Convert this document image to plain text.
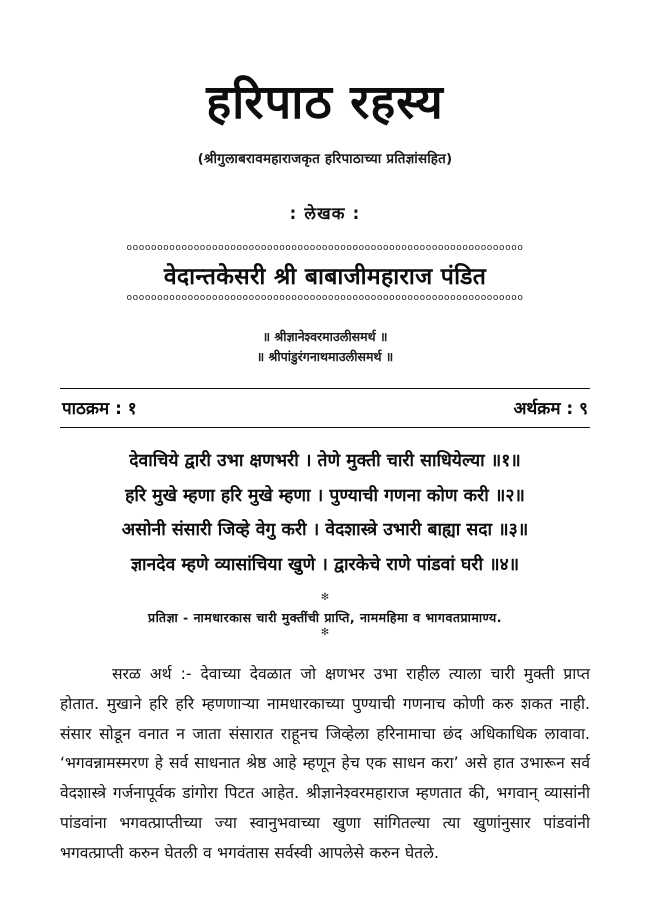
हरिपाठ रहस्य
(श्रीगुलाबरावमहाराजकृत हरिपाठाच्या प्रतिज्ञांसहित)
: लेखक :
ooooooooooooooooooooooooooooooooooooooooooooooooooooooooooooooooo
वेदान्तकेसरी श्री बाबाजीमहाराज पंडित
ooooooooooooooooooooooooooooooooooooooooooooooooooooooooooooooooo
॥ श्रीज्ञानेश्वरमाउलीसमर्थ ॥
॥ श्रीपांडुरंगनाथमाउलीसमर्थ ॥
पाठक्रम : १	अर्थक्रम : ९
देवाचिये द्वारी उभा क्षणभरी । तेणे मुक्ती चारी साधियेल्या ॥१॥
हरि मुखे म्हणा हरि मुखे म्हणा । पुण्याची गणना कोण करी ॥२॥
असोनी संसारी जिव्हे वेगु करी । वेदशास्त्रे उभारी बाह्या सदा ॥३॥
ज्ञानदेव म्हणे व्यासांचिया खुणे । द्वारकेचे राणे पांडवां घरी ॥४॥
✻
प्रतिज्ञा - नामधारकास चारी मुक्तींची प्राप्ति, नाममहिमा व भागवतप्रामाण्य.
✻

सरळ अर्थ :- देवाच्या देवळात जो क्षणभर उभा राहील त्याला चारी मुक्ती प्राप्त होतात. मुखाने हरि हरि म्हणणाऱ्या नामधारकाच्या पुण्याची गणनाच कोणी करु शकत नाही. संसार सोडून वनात न जाता संसारात राहूनच जिव्हेला हरिनामाचा छंद अधिकाधिक लावावा. ‘भगवन्नामस्मरण हे सर्व साधनात श्रेष्ठ आहे म्हणून हेच एक साधन करा’ असे हात उभारून सर्व वेदशास्त्रे गर्जनापूर्वक डांगोरा पिटत आहेत. श्रीज्ञानेश्वरमहाराज म्हणतात की, भगवान् व्यासांनी पांडवांना भगवत्प्राप्तीच्या ज्या स्वानुभवाच्या खुणा सांगितल्या त्या खुणांनुसार पांडवांनी भगवत्प्राप्ती करुन घेतली व भगवंतास सर्वस्वी आपलेसे करुन घेतले.
